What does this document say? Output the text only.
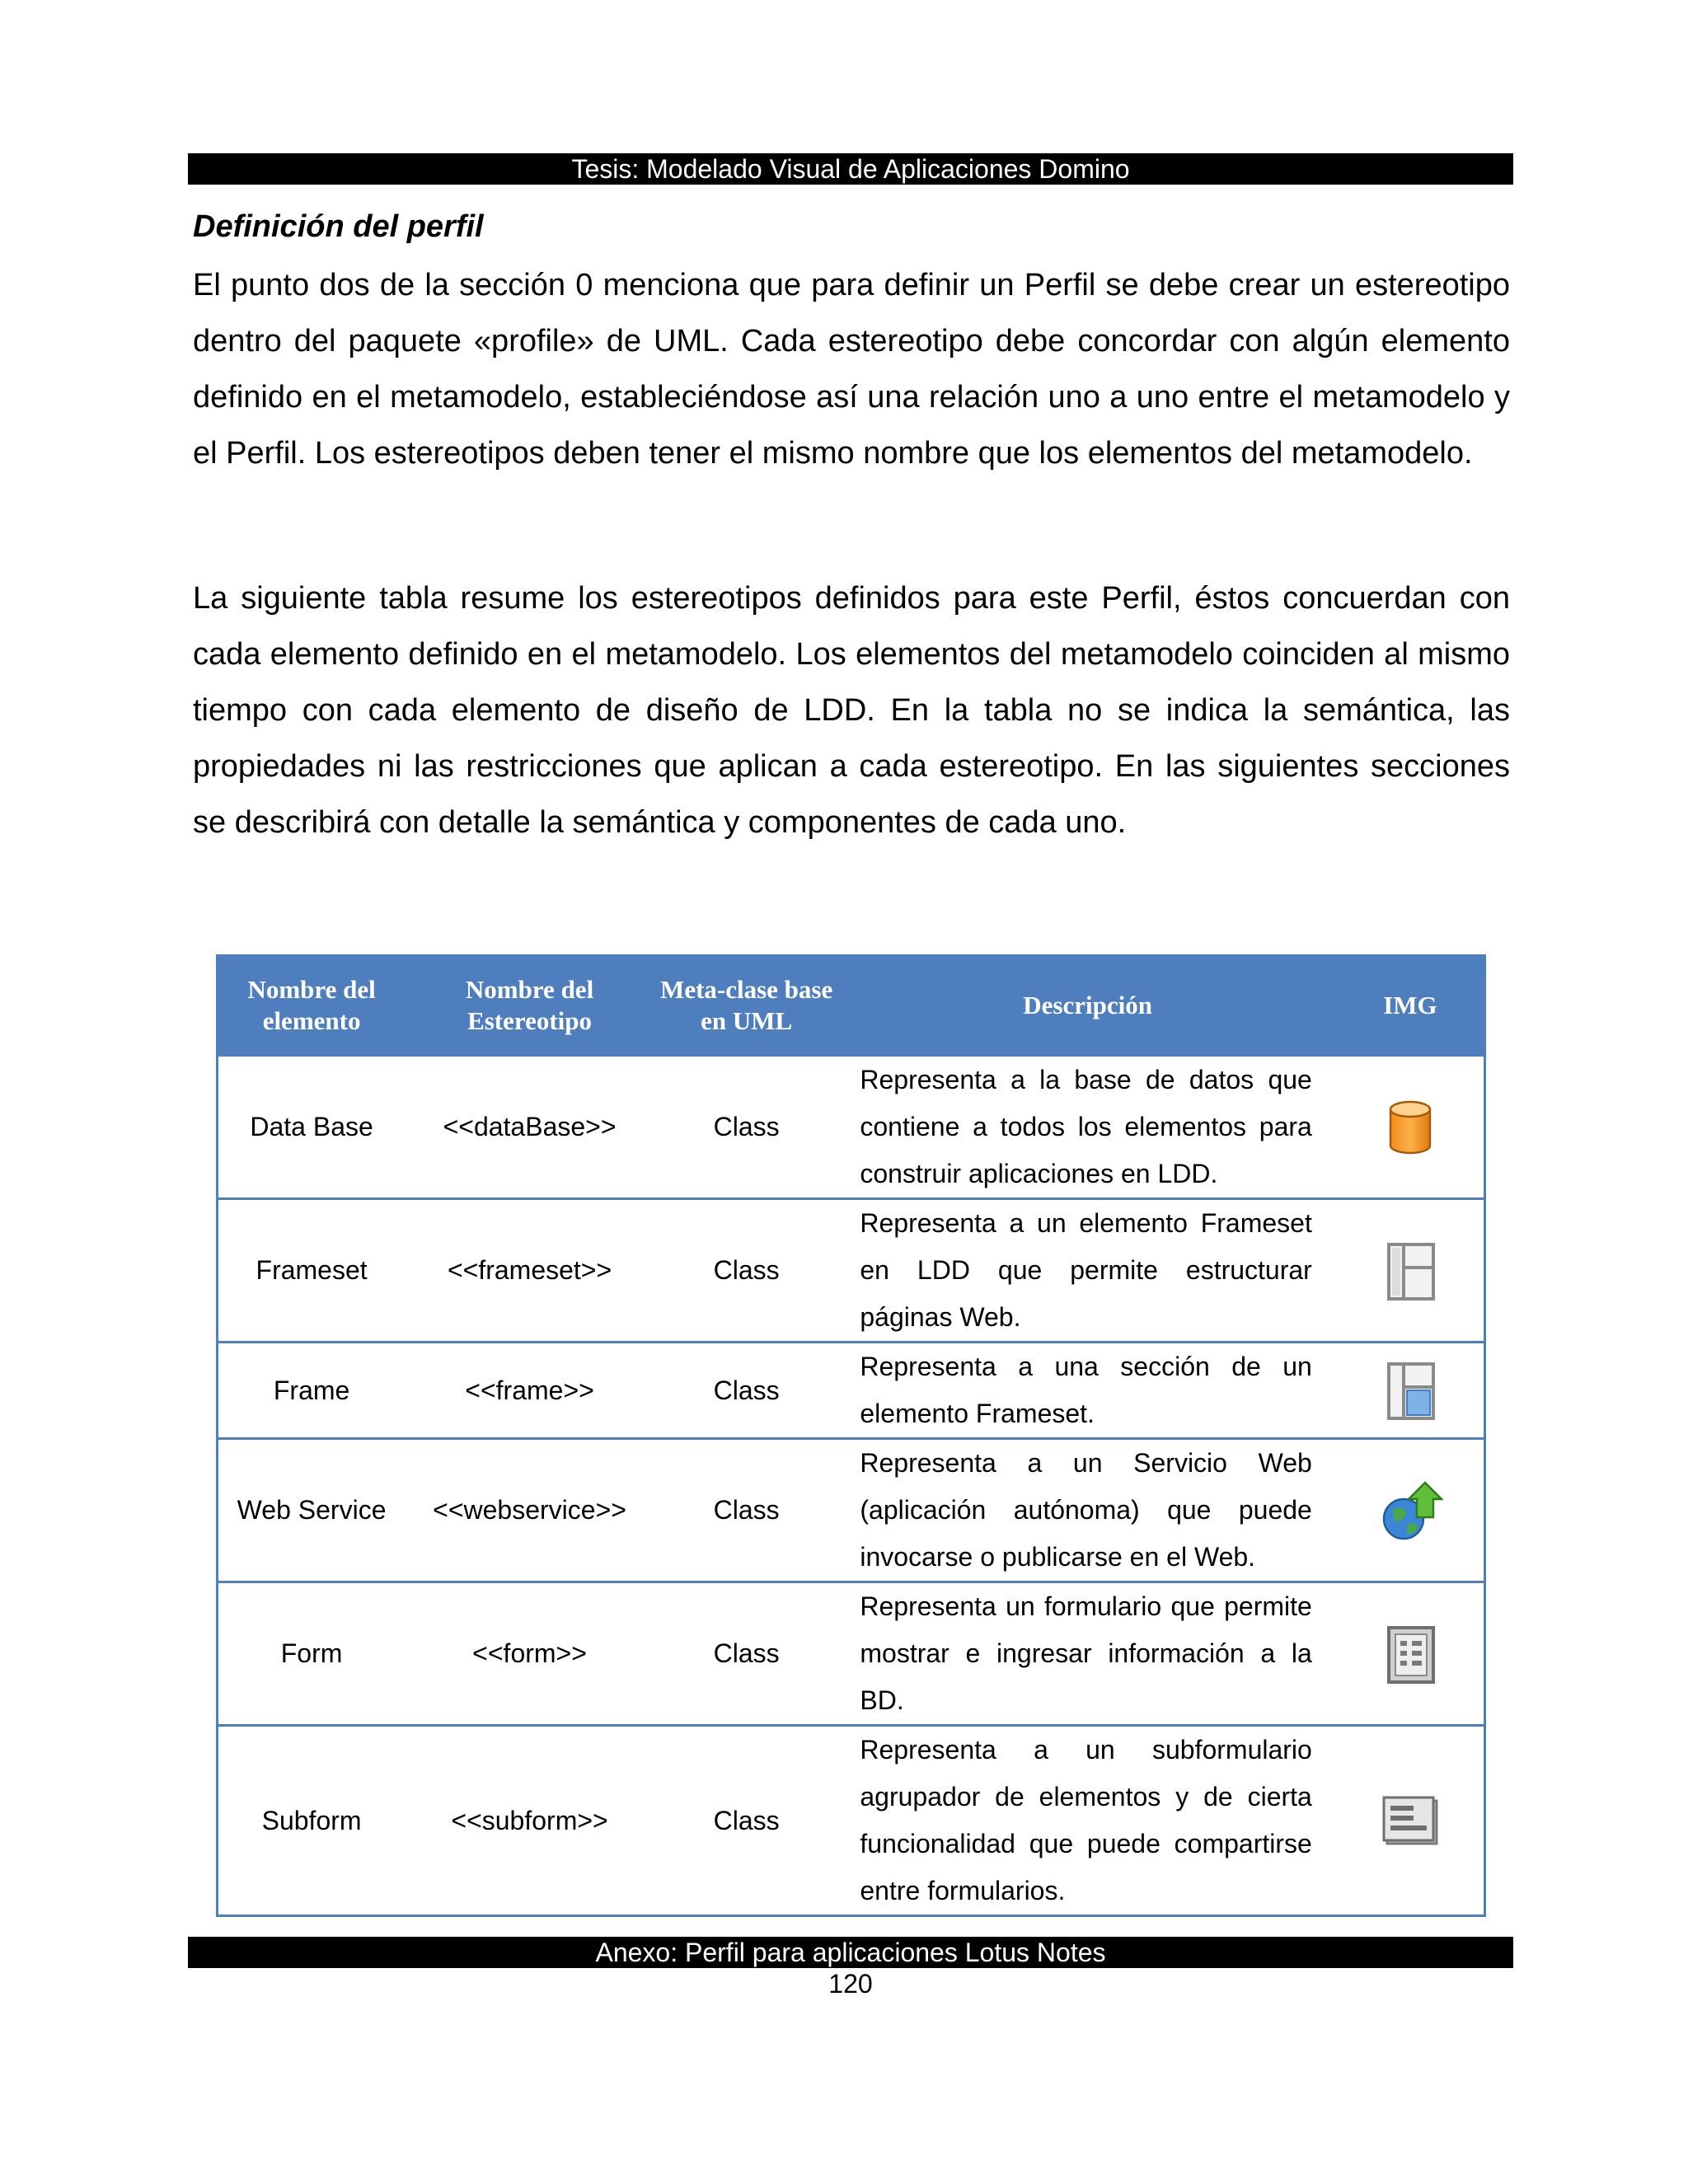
Tesis: Modelado Visual de Aplicaciones Domino
Definición del perfil

El punto dos de la sección 0 menciona que para definir un Perfil se debe crear un estereotipo dentro del paquete «profile» de UML. Cada estereotipo debe concordar con algún elemento definido en el metamodelo, estableciéndose así una relación uno a uno entre el metamodelo y el Perfil. Los estereotipos deben tener el mismo nombre que los elementos del metamodelo.

La siguiente tabla resume los estereotipos definidos para este Perfil, éstos concuerdan con cada elemento definido en el metamodelo. Los elementos del metamodelo coinciden al mismo tiempo con cada elemento de diseño de LDD. En la tabla no se indica la semántica, las propiedades ni las restricciones que aplican a cada estereotipo. En las siguientes secciones se describirá con detalle la semántica y componentes de cada uno.

Nombre del elemento	Nombre del Estereotipo	Meta-clase base en UML	Descripción	IMG
Data Base	<<dataBase>>	Class	Representa a la base de datos que contiene a todos los elementos para construir aplicaciones en LDD.	

Frameset	<<frameset>>	Class	Representa a un elemento Frameset en LDD que permite estructurar páginas Web.	

Frame	<<frame>>	Class	Representa a una sección de un elemento Frameset.	

Web Service	<<webservice>>	Class	Representa a un Servicio Web (aplicación autónoma) que puede invocarse o publicarse en el Web.	

Form	<<form>>	Class	Representa un formulario que permite mostrar e ingresar información a la BD.	

Subform	<<subform>>	Class	Representa a un subformulario agrupador de elementos y de cierta funcionalidad que puede compartirse entre formularios.	
Anexo: Perfil para aplicaciones Lotus Notes
120
